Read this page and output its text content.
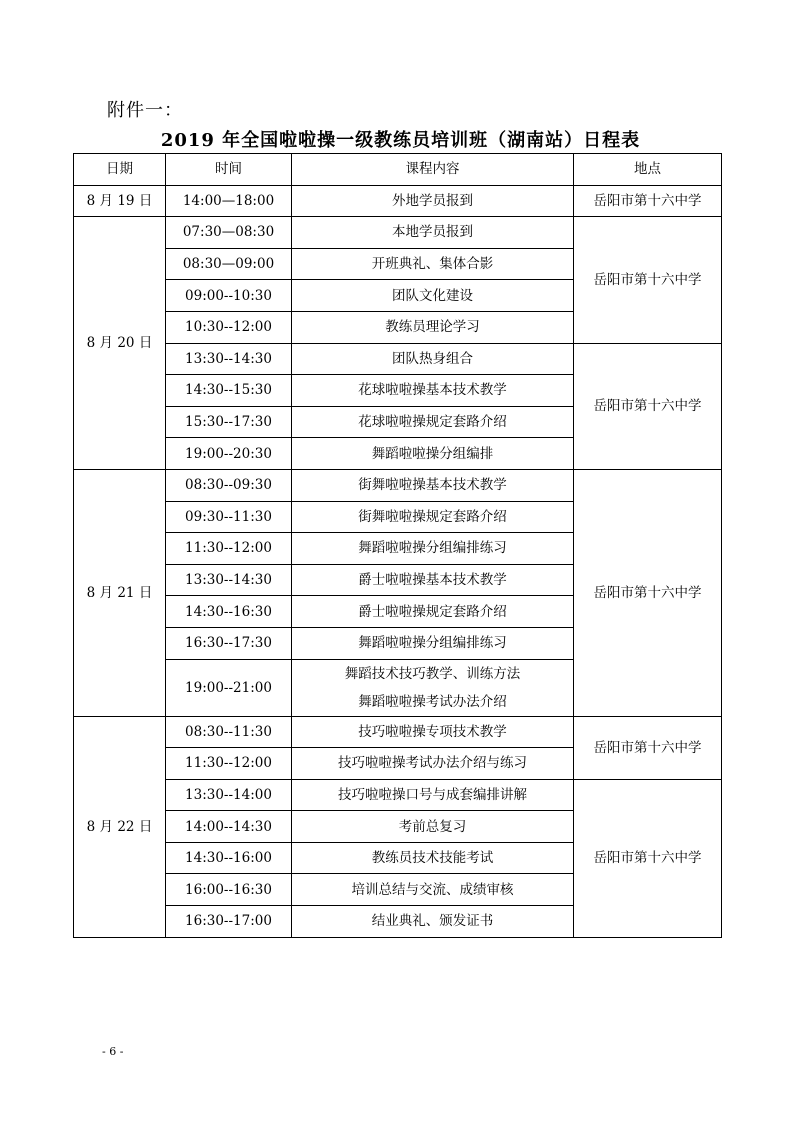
附件一：
2019 年全国啦啦操一级教练员培训班（湖南站）日程表
日期	时间	课程内容	地点
8 月 19 日	14:00—18:00	外地学员报到	岳阳市第十六中学
8 月 20 日	07:30—08:30	本地学员报到	岳阳市第十六中学
	08:30—09:00	开班典礼、集体合影	
	09:00--10:30	团队文化建设	
	10:30--12:00	教练员理论学习	
	13:30--14:30	团队热身组合	岳阳市第十六中学
	14:30--15:30	花球啦啦操基本技术教学	
	15:30--17:30	花球啦啦操规定套路介绍	
	19:00--20:30	舞蹈啦啦操分组编排	
8 月 21 日	08:30--09:30	街舞啦啦操基本技术教学	岳阳市第十六中学
	09:30--11:30	街舞啦啦操规定套路介绍	
	11:30--12:00	舞蹈啦啦操分组编排练习	
	13:30--14:30	爵士啦啦操基本技术教学	
	14:30--16:30	爵士啦啦操规定套路介绍	
	16:30--17:30	舞蹈啦啦操分组编排练习	
	19:00--21:00	舞蹈技术技巧教学、训练方法
舞蹈啦啦操考试办法介绍	

8 月 22 日	08:30--11:30	技巧啦啦操专项技术教学	岳阳市第十六中学
	11:30--12:00	技巧啦啦操考试办法介绍与练习	
	13:30--14:00	技巧啦啦操口号与成套编排讲解	岳阳市第十六中学
	14:00--14:30	考前总复习	
	14:30--16:00	教练员技术技能考试	
	16:00--16:30	培训总结与交流、成绩审核	
	16:30--17:00	结业典礼、颁发证书	
- 6 -
